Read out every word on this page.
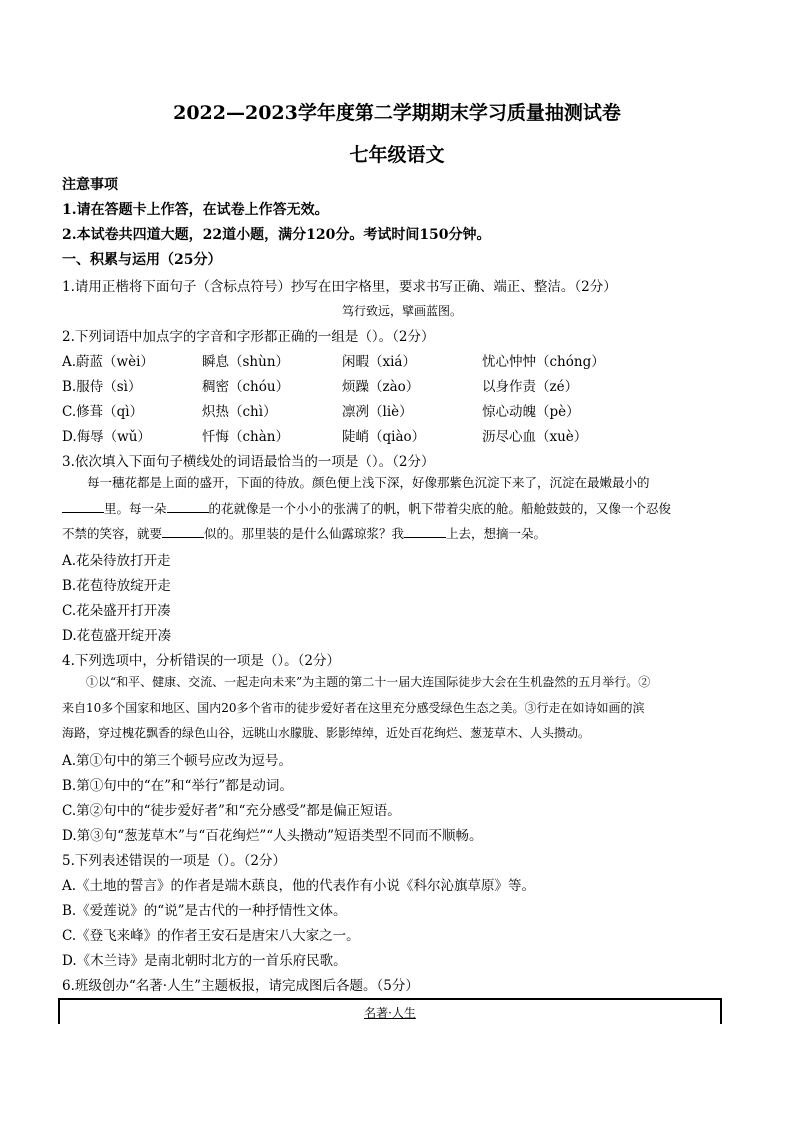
2022—2023学年度第二学期期末学习质量抽测试卷
七年级语文
注意事项
1.请在答题卡上作答，在试卷上作答无效。
2.本试卷共四道大题，22道小题，满分120分。考试时间150分钟。
一、积累与运用（25分）
1.请用正楷将下面句子（含标点符号）抄写在田字格里，要求书写正确、端正、整洁。（2分）
笃行致远，擘画蓝图。
2.下列词语中加点字的字音和字形都正确的一组是（）。（2分）
A.蔚蓝（wèi）	瞬息（shùn）	闲暇（xiá）	忧心忡忡（chóng）
B.服侍（sì）	稠密（chóu）	烦躁（zào）	以身作责（zé）
C.修葺（qì）	炽热（chì）	凛冽（liè）	惊心动魄（pè）
D.侮辱（wǔ）	忏悔（chàn）	陡峭（qiào）	沥尽心血（xuè）
3.依次填入下面句子横线处的词语最恰当的一项是（）。（2分）
每一穗花都是上面的盛开，下面的待放。颜色便上浅下深，好像那紫色沉淀下来了，沉淀在最嫩最小的
里。每一朵	的花就像是一个小小的张满了的帆，帆下带着尖底的舱。船舱鼓鼓的，又像一个忍俊
不禁的笑容，就要	似的。那里装的是什么仙露琼浆？我	上去，想摘一朵。
A.花朵待放打开走
B.花苞待放绽开走
C.花朵盛开打开凑
D.花苞盛开绽开凑
4.下列选项中，分析错误的一项是（）。（2分）
①以“和平、健康、交流、一起走向未来”为主题的第二十一届大连国际徒步大会在生机盎然的五月举行。②
来自10多个国家和地区、国内20多个省市的徒步爱好者在这里充分感受绿色生态之美。③行走在如诗如画的滨
海路，穿过槐花飘香的绿色山谷，远眺山水朦胧、影影绰绰，近处百花绚烂、葱茏草木、人头攒动。
A.第①句中的第三个顿号应改为逗号。
B.第①句中的“在”和“举行”都是动词。
C.第②句中的“徒步爱好者”和“充分感受”都是偏正短语。
D.第③句“葱茏草木”与“百花绚烂”“人头攒动”短语类型不同而不顺畅。
5.下列表述错误的一项是（）。（2分）
A.《土地的誓言》的作者是端木蕻良，他的代表作有小说《科尔沁旗草原》等。
B.《爱莲说》的“说”是古代的一种抒情性文体。
C.《登飞来峰》的作者王安石是唐宋八大家之一。
D.《木兰诗》是南北朝时北方的一首乐府民歌。
6.班级创办“名著·人生”主题板报，请完成图后各题。（5分）
名著·人生
